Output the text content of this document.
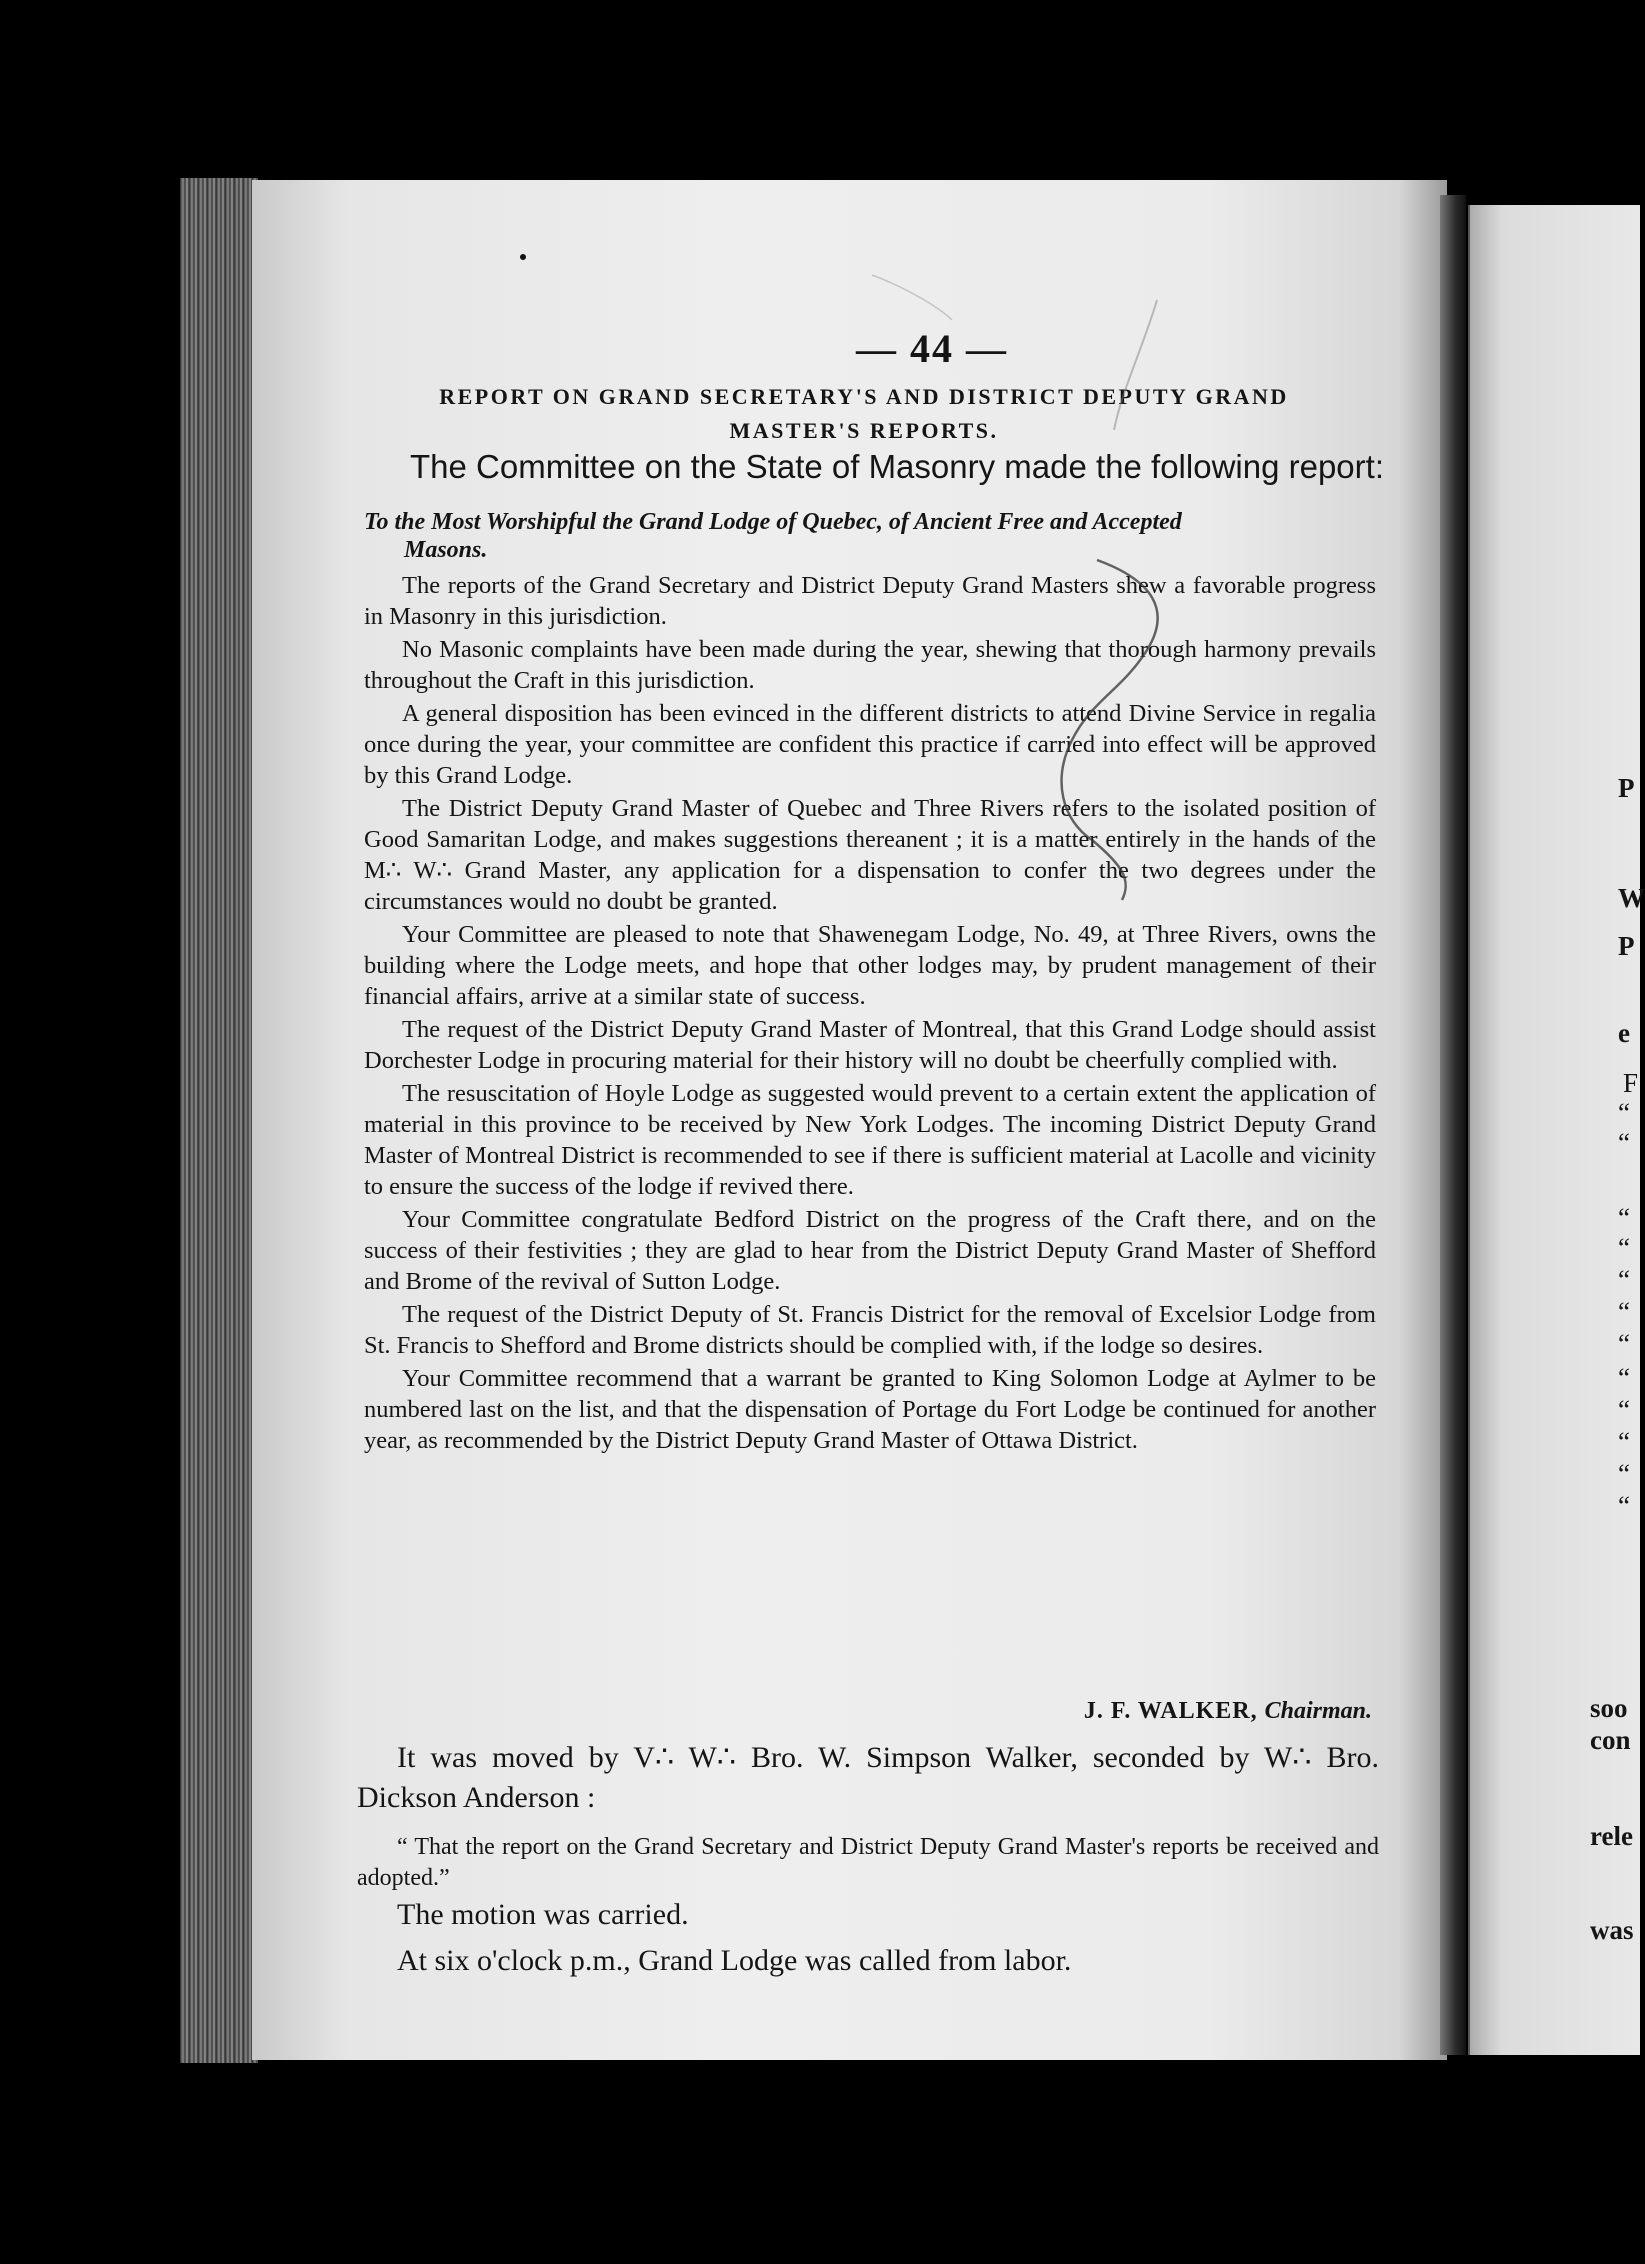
— 44 —
REPORT ON GRAND SECRETARY'S AND DISTRICT DEPUTY GRAND
MASTER'S REPORTS.
The Committee on the State of Masonry made the following report:
To the Most Worshipful the Grand Lodge of Quebec, of Ancient Free and Accepted
Masons.

The reports of the Grand Secretary and District Deputy Grand Masters shew a favorable progress in Masonry in this jurisdiction.

No Masonic complaints have been made during the year, shewing that thorough harmony prevails throughout the Craft in this jurisdiction.

A general disposition has been evinced in the different districts to attend Divine Service in regalia once during the year, your committee are confident this practice if carried into effect will be approved by this Grand Lodge.

The District Deputy Grand Master of Quebec and Three Rivers refers to the isolated position of Good Samaritan Lodge, and makes suggestions thereanent ; it is a matter entirely in the hands of the M∴ W∴ Grand Master, any application for a dispensation to confer the two degrees under the circumstances would no doubt be granted.

Your Committee are pleased to note that Shawenegam Lodge, No. 49, at Three Rivers, owns the building where the Lodge meets, and hope that other lodges may, by prudent management of their financial affairs, arrive at a similar state of success.

The request of the District Deputy Grand Master of Montreal, that this Grand Lodge should assist Dorchester Lodge in procuring material for their history will no doubt be cheerfully complied with.

The resuscitation of Hoyle Lodge as suggested would prevent to a certain extent the application of material in this province to be received by New York Lodges. The incoming District Deputy Grand Master of Montreal District is recommended to see if there is sufficient material at Lacolle and vicinity to ensure the success of the lodge if revived there.

Your Committee congratulate Bedford District on the progress of the Craft there, and on the success of their festivities ; they are glad to hear from the District Deputy Grand Master of Shefford and Brome of the revival of Sutton Lodge.

The request of the District Deputy of St. Francis District for the removal of Excelsior Lodge from St. Francis to Shefford and Brome districts should be complied with, if the lodge so desires.

Your Committee recommend that a warrant be granted to King Solomon Lodge at Aylmer to be numbered last on the list, and that the dispensation of Portage du Fort Lodge be continued for another year, as recommended by the District Deputy Grand Master of Ottawa District.

J. F. WALKER, Chairman.

It was moved by V∴ W∴ Bro. W. Simpson Walker, seconded by W∴ Bro. Dickson Anderson :

“ That the report on the Grand Secretary and District Deputy Grand Master's reports be received and adopted.”

The motion was carried.

At six o'clock p.m., Grand Lodge was called from labor.

P
W
P
e
F
“
“
“
“
“
“
“
“
“
“
“
“
soo
con
rele
was
